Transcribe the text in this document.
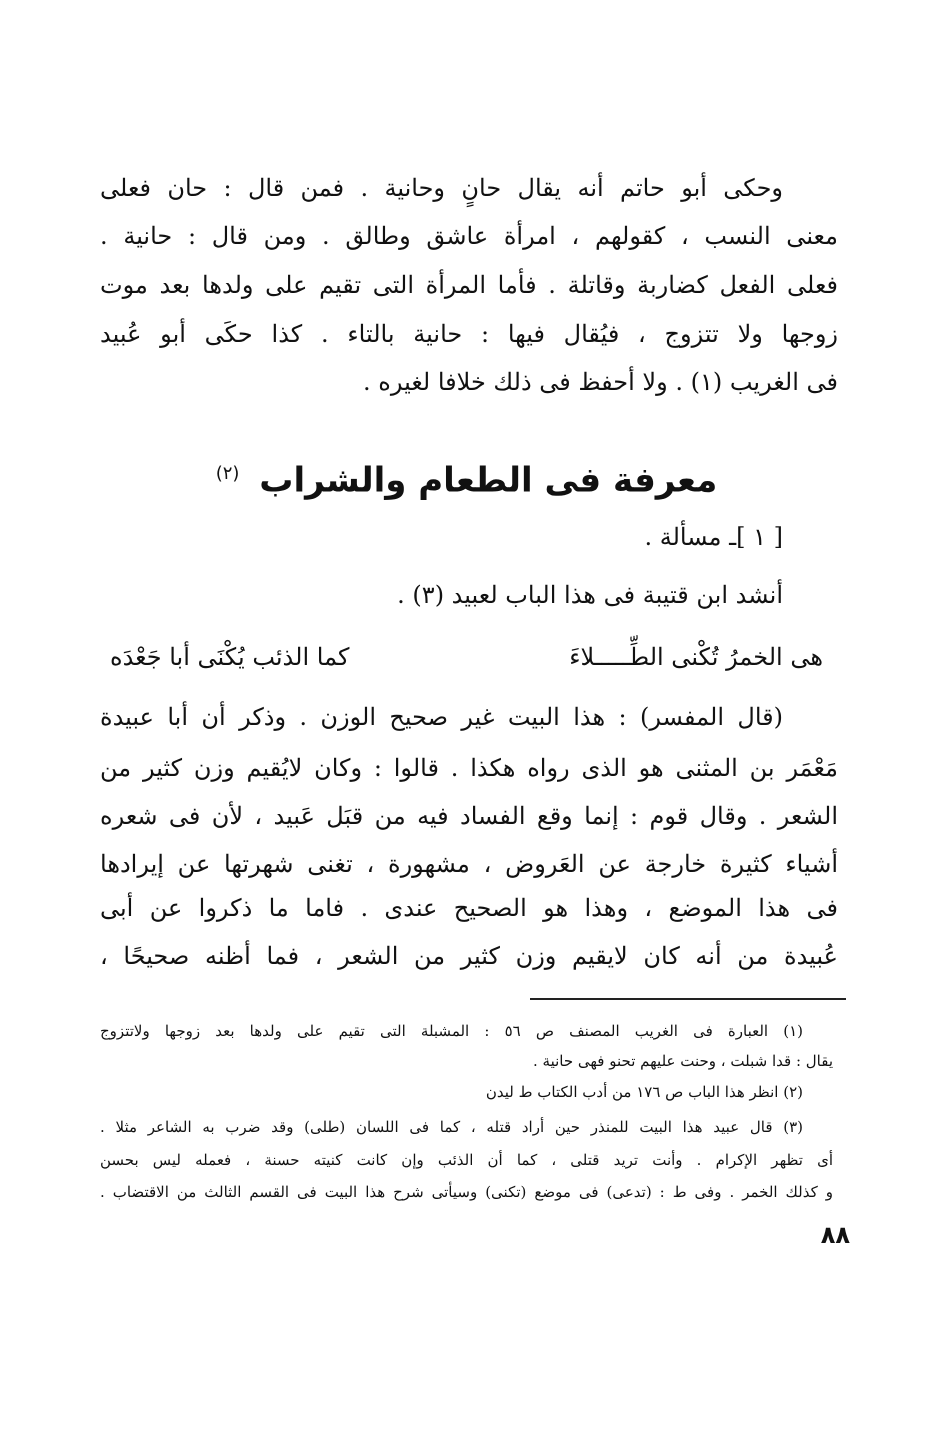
وحكى أبو حاتم أنه يقال حانٍ وحانية . فمن قال : حان فعلى
معنى النسب ، كقولهم ، امرأة عاشق وطالق . ومن قال : حانية .
فعلى الفعل كضاربة وقاتلة . فأما المرأة التى تقيم على ولدها بعد موت
زوجها ولا تتزوج ، فيُقال فيها : حانية بالتاء . كذا حكَى أبو عُبيد
فى الغريب (١) . ولا أحفظ فى ذلك خلافا لغيره .
معرفة فى الطعام والشراب $^{(٢)}$
[ ١ ]ـ مسألة .
أنشد ابن قتيبة فى هذا الباب لعبيد (٣) .
هى الخمرُ تُكْنى الطِّـــــلاءَ
كما الذئب يُكْنَى أبا جَعْدَه
(قال المفسر) : هذا البيت غير صحيح الوزن . وذكر أن أبا عبيدة
مَعْمَر بن المثنى هو الذى رواه هكذا . قالوا : وكان لايُقيم وزن كثير من
الشعر . وقال قوم : إنما وقع الفساد فيه من قبَل عَبيد ، لأن فى شعره
أشياء كثيرة خارجة عن العَروض ، مشهورة ، تغنى شهرتها عن إيرادها
فى هذا الموضع ، وهذا هو الصحيح عندى . فاما ما ذكروا عن أبى
عُبيدة من أنه كان لايقيم وزن كثير من الشعر ، فما أظنه صحيحًا ،
(١) العبارة فى الغريب المصنف ص ٥٦ : المشبلة التى تقيم على ولدها بعد زوجها ولاتتزوج
يقال : قدا شبلت ، وحنت عليهم تحنو فهى حانية .
(٢) انظر هذا الباب ص ١٧٦ من أدب الكتاب ط ليدن
(٣) قال عبيد هذا البيت للمنذر حين أراد قتله ، كما فى اللسان (طلى) وقد ضرب به الشاعر مثلا .
أى تظهر الإكرام . وأنت تريد قتلى ، كما أن الذئب وإن كانت كنيته حسنة ، فعمله ليس بحسن
و كذلك الخمر . وفى ط : (تدعى) فى موضع (تكنى) وسيأتى شرح هذا البيت فى القسم الثالث من الاقتضاب .
٨٨
